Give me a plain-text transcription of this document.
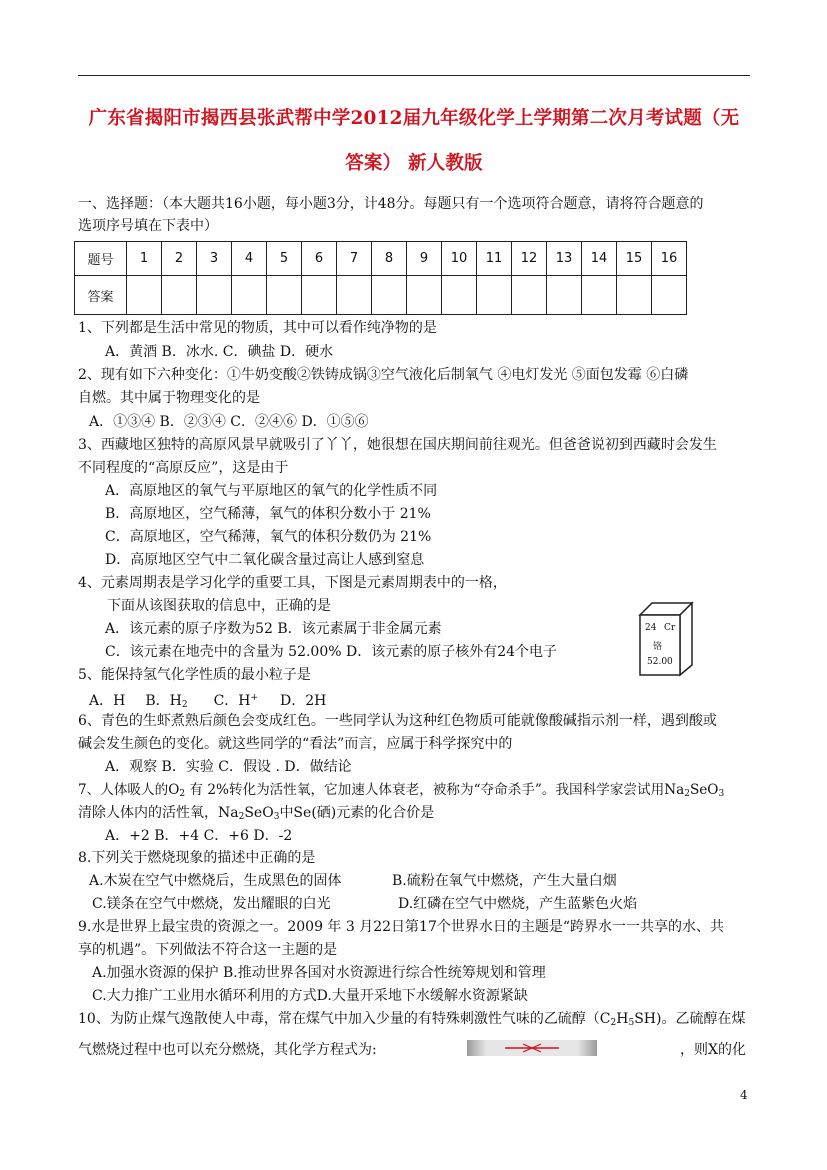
广东省揭阳市揭西县张武帮中学2012届九年级化学上学期第二次月考试题（无
答案） 新人教版
一、选择题：（本大题共16小题，每小题3分，计48分。每题只有一个选项符合题意，请将符合题意的
选项序号填在下表中）
题号	1	2	3	4	5	6	7	8	9	10	11	12	13	14	15	16
答案																
1、下列都是生活中常见的物质，其中可以看作纯净物的是
A．黄酒 B．冰水. C．碘盐 D．硬水
2、现有如下六种变化：①牛奶变酸②铁铸成锅③空气液化后制氧气 ④电灯发光 ⑤面包发霉 ⑥白磷
自燃。其中属于物理变化的是
A．①③④ B．②③④ C．②④⑥ D．①⑤⑥
3、西藏地区独特的高原风景早就吸引了丫丫，她很想在国庆期间前往观光。但爸爸说初到西藏时会发生
不同程度的“高原反应”，这是由于
A．高原地区的氧气与平原地区的氧气的化学性质不同
B．高原地区，空气稀薄，氧气的体积分数小于 21%
C．高原地区，空气稀薄，氧气的体积分数仍为 21%
D．高原地区空气中二氧化碳含量过高让人感到窒息
4、元素周期表是学习化学的重要工具，下图是元素周期表中的一格，
下面从该图获取的信息中，正确的是
A．该元素的原子序数为52 B．该元素属于非金属元素
C．该元素在地壳中的含量为 52.00% D．该元素的原子核外有24个电子
24 Cr
铬
52.00
5、能保持氢气化学性质的最小粒子是
A．H B．$H_2$ C．H+ D．2H
6、青色的生虾煮熟后颜色会变成红色。一些同学认为这种红色物质可能就像酸碱指示剂一样，遇到酸或
碱会发生颜色的变化。就这些同学的“看法”而言，应属于科学探究中的
A．观察 B．实验 C．假设 . D．做结论
7、人体吸人的$O_2$ 有 2%转化为活性氧，它加速人体衰老，被称为“夺命杀手”。我国科学家尝试用$Na_2SeO_3$
清除人体内的活性氧，$Na_2SeO_3$中Se(硒)元素的化合价是
A．+2 B．+4 C．+6 D．-2
8.下列关于燃烧现象的描述中正确的是
A.木炭在空气中燃烧后，生成黑色的固体	B.硫粉在氧气中燃烧，产生大量白烟
C.镁条在空气中燃烧，发出耀眼的白光	D.红磷在空气中燃烧，产生蓝紫色火焰
9.水是世界上最宝贵的资源之一。2009 年 3 月22日第17个世界水日的主题是“跨界水一一共享的水、共
享的机遇”。下列做法不符合这一主题的是
A.加强水资源的保护 B.推动世界各国对水资源进行综合性统筹规划和管理
C.大力推广工业用水循环利用的方式D.大量开采地下水缓解水资源紧缺
10、为防止煤气逸散使人中毒，常在煤气中加入少量的有特殊刺激性气味的乙硫醇$(C_2H_5SH)$。乙硫醇在煤
气燃烧过程中也可以充分燃烧，其化学方程式为:	，则X的化
4
